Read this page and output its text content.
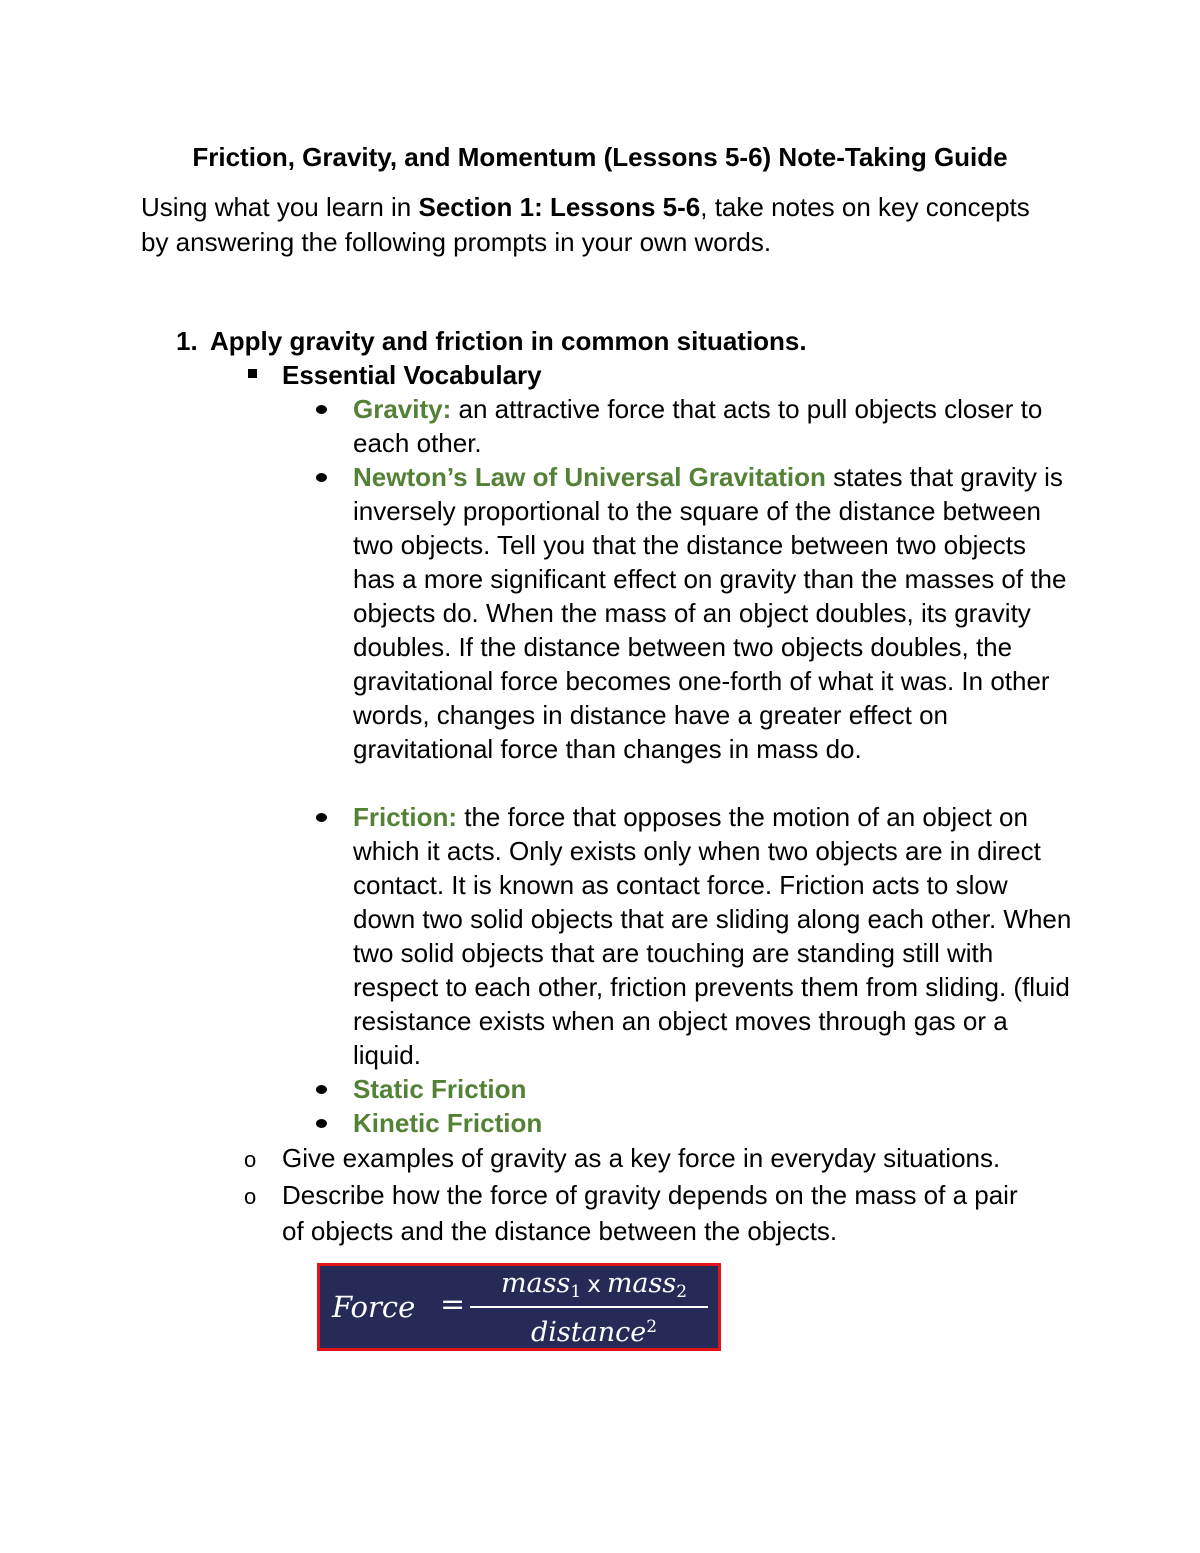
Friction, Gravity, and Momentum (Lessons 5-6) Note-Taking Guide

Using what you learn in Section 1: Lessons 5-6, take notes on key concepts by answering the following prompts in your own words.

1. Apply gravity and friction in common situations.
Essential Vocabulary
Gravity: an attractive force that acts to pull objects closer to each other.
Newton’s Law of Universal Gravitation states that gravity is inversely proportional to the square of the distance between two objects. Tell you that the distance between two objects has a more significant effect on gravity than the masses of the objects do. When the mass of an object doubles, its gravity doubles. If the distance between two objects doubles, the gravitational force becomes one-forth of what it was. In other words, changes in distance have a greater effect on gravitational force than changes in mass do.
Friction: the force that opposes the motion of an object on which it acts. Only exists only when two objects are in direct contact. It is known as contact force. Friction acts to slow down two solid objects that are sliding along each other. When two solid objects that are touching are standing still with respect to each other, friction prevents them from sliding. (fluid resistance exists when an object moves through gas or a liquid.
Static Friction
Kinetic Friction
o Give examples of gravity as a key force in everyday situations.
o Describe how the force of gravity depends on the mass of a pair of objects and the distance between the objects.
Force =
mass$_1$ x mass$_2$
distance$^2$
